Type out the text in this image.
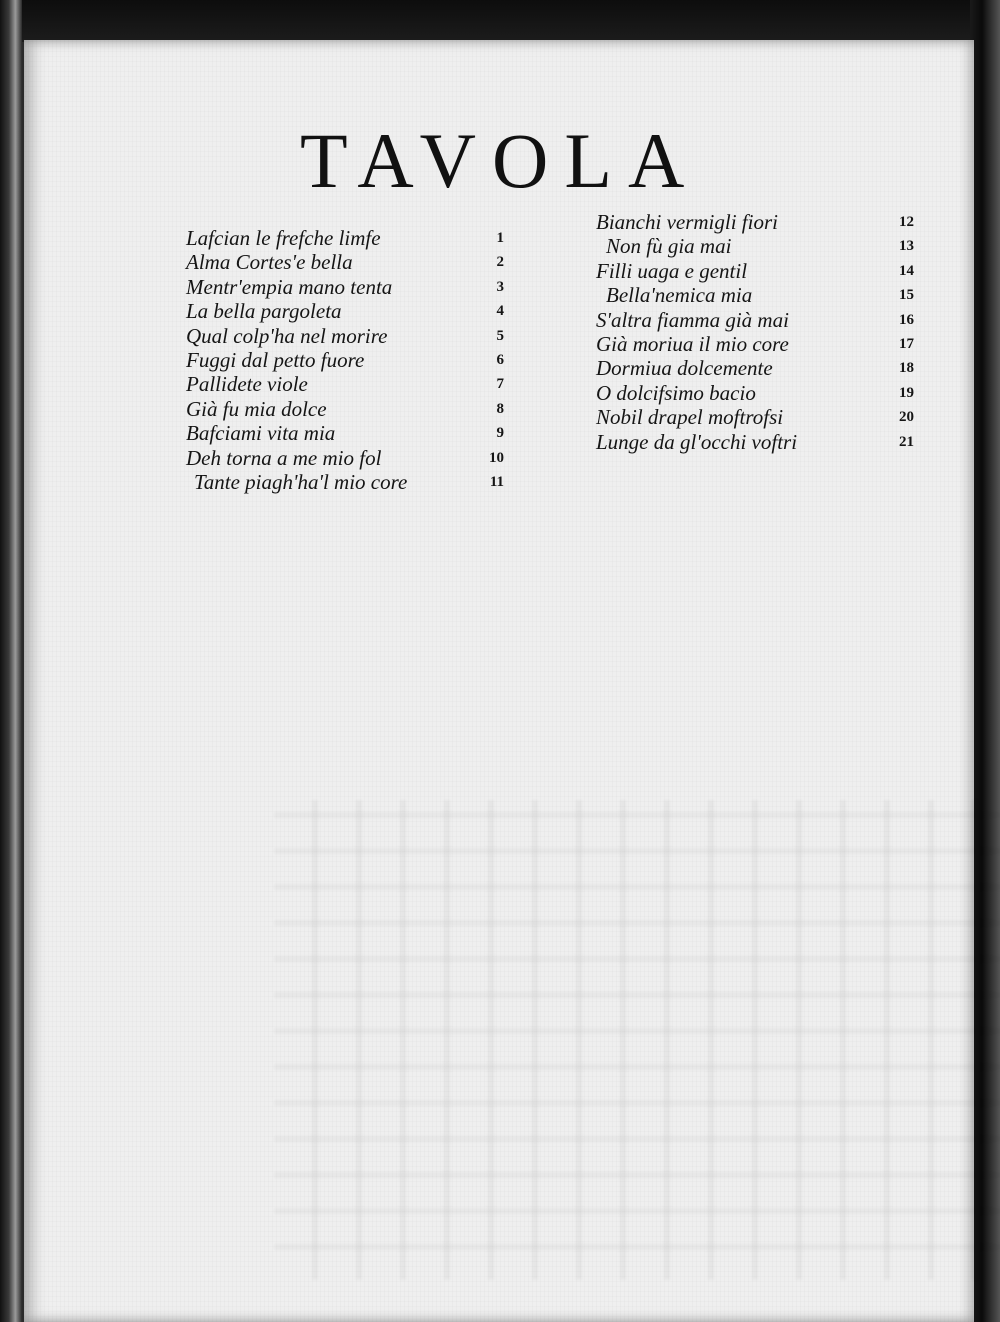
TAVOLA
Lafcian le frefche limfe	1
Alma Cortes'e bella	2
Mentr'empia mano tenta	3
La bella pargoleta	4
Qual colp'ha nel morire	5
Fuggi dal petto fuore	6
Pallidete viole	7
Già fu mia dolce	8
Bafciami vita mia	9
Deh torna a me mio fol	10
Tante piagh'ha'l mio core	11
Bianchi vermigli fiori	12
Non fù gia mai	13
Filli uaga e gentil	14
Bella'nemica mia	15
S'altra fiamma già mai	16
Già moriua il mio core	17
Dormiua dolcemente	18
O dolcifsimo bacio	19
Nobil drapel moftrofsi	20
Lunge da gl'occhi voftri	21
